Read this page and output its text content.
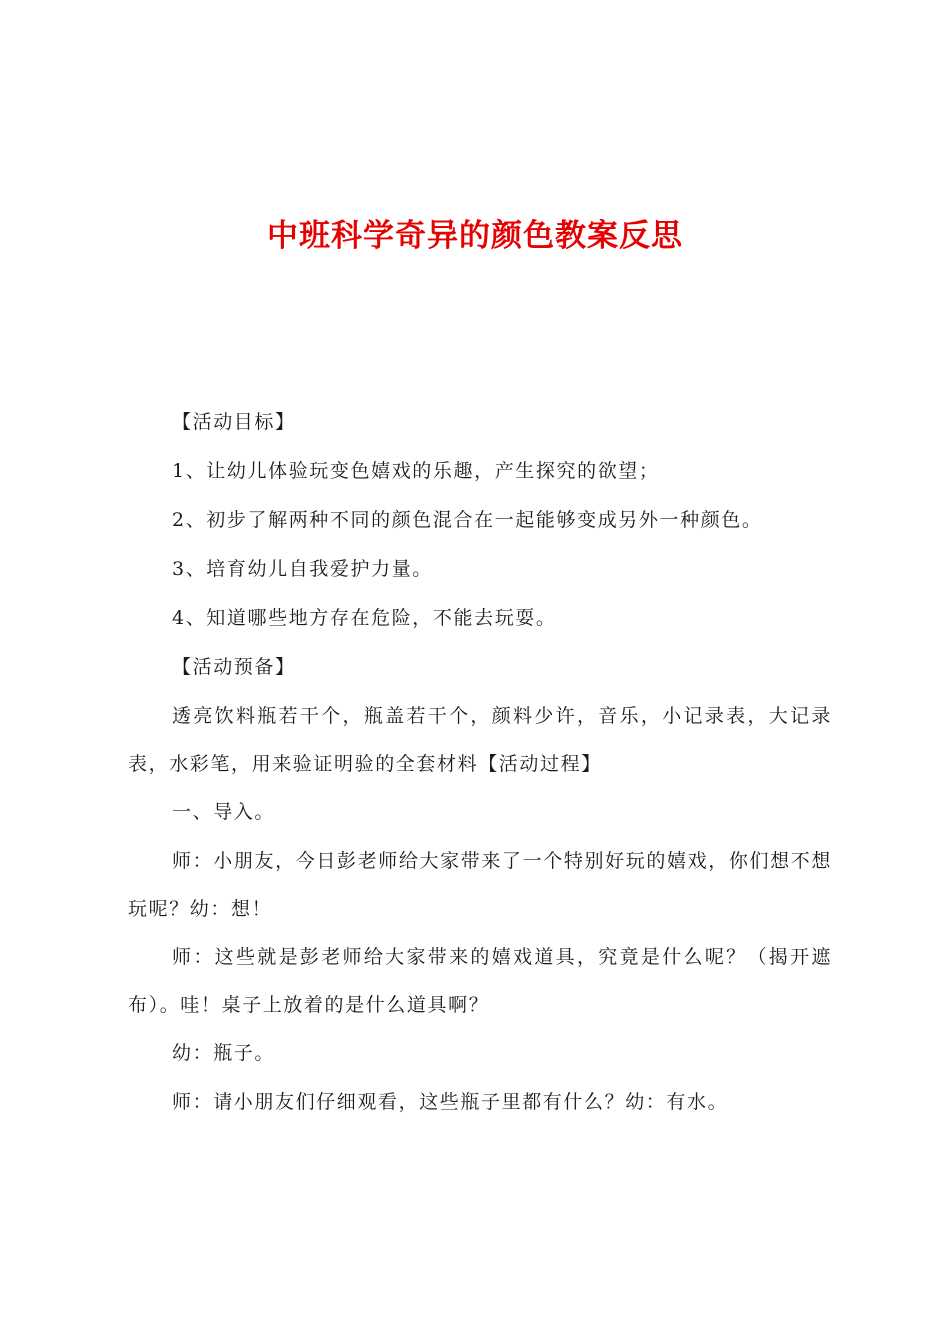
中班科学奇异的颜色教案反思

【活动目标】

1、让幼儿体验玩变色嬉戏的乐趣，产生探究的欲望；

2、初步了解两种不同的颜色混合在一起能够变成另外一种颜色。

3、培育幼儿自我爱护力量。

4、知道哪些地方存在危险，不能去玩耍。

【活动预备】

透亮饮料瓶若干个，瓶盖若干个，颜料少许，音乐，小记录表，大记录表，水彩笔，用来验证明验的全套材料【活动过程】

一、导入。

师：小朋友，今日彭老师给大家带来了一个特别好玩的嬉戏，你们想不想玩呢？幼：想！

师：这些就是彭老师给大家带来的嬉戏道具，究竟是什么呢？（揭开遮布）。哇！桌子上放着的是什么道具啊？

幼：瓶子。

师：请小朋友们仔细观看，这些瓶子里都有什么？幼：有水。
